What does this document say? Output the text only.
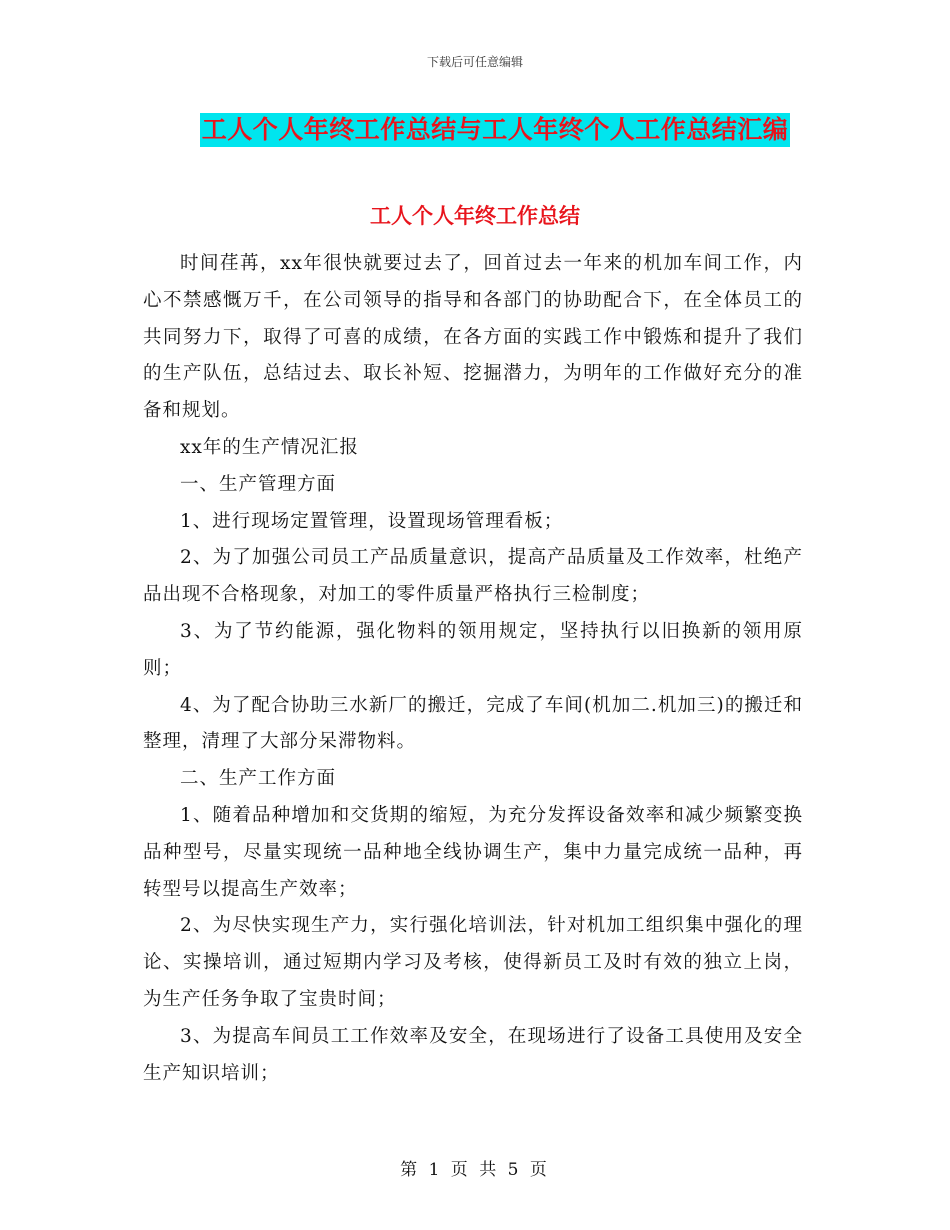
下载后可任意编辑
工人个人年终工作总结与工人年终个人工作总结汇编
工人个人年终工作总结

时间荏苒，xx年很快就要过去了，回首过去一年来的机加车间工作，内心不禁感慨万千，在公司领导的指导和各部门的协助配合下，在全体员工的共同努力下，取得了可喜的成绩，在各方面的实践工作中锻炼和提升了我们的生产队伍，总结过去、取长补短、挖掘潜力，为明年的工作做好充分的准备和规划。

xx年的生产情况汇报

一、生产管理方面

1、进行现场定置管理，设置现场管理看板；

2、为了加强公司员工产品质量意识，提高产品质量及工作效率，杜绝产品出现不合格现象，对加工的零件质量严格执行三检制度；

3、为了节约能源，强化物料的领用规定，坚持执行以旧换新的领用原则；

4、为了配合协助三水新厂的搬迁，完成了车间(机加二.机加三)的搬迁和整理，清理了大部分呆滞物料。

二、生产工作方面

1、随着品种增加和交货期的缩短，为充分发挥设备效率和减少频繁变换品种型号，尽量实现统一品种地全线协调生产，集中力量完成统一品种，再转型号以提高生产效率；

2、为尽快实现生产力，实行强化培训法，针对机加工组织集中强化的理论、实操培训，通过短期内学习及考核，使得新员工及时有效的独立上岗，为生产任务争取了宝贵时间；

3、为提高车间员工工作效率及安全，在现场进行了设备工具使用及安全生产知识培训；

第 1 页 共 5 页
